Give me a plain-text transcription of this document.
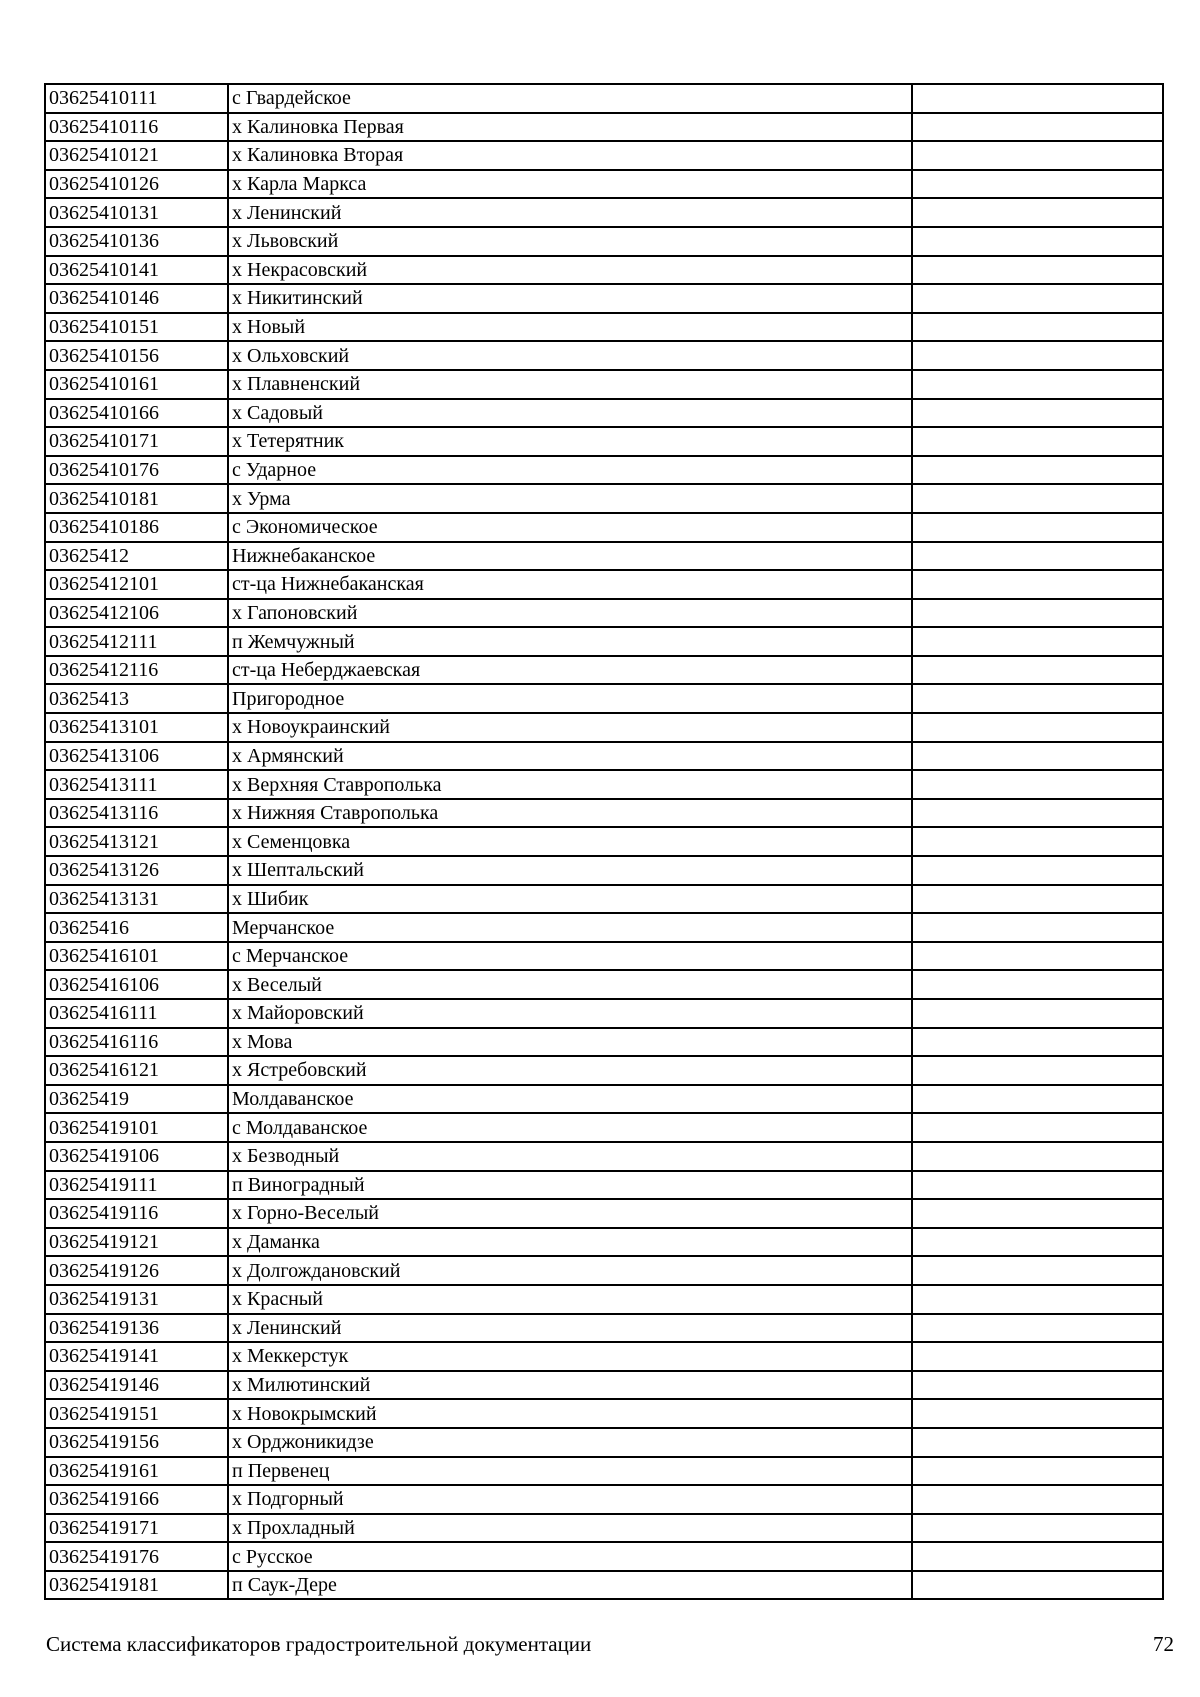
03625410111	с Гвардейское	
03625410116	х Калиновка Первая	
03625410121	х Калиновка Вторая	
03625410126	х Карла Маркса	
03625410131	х Ленинский	
03625410136	х Львовский	
03625410141	х Некрасовский	
03625410146	х Никитинский	
03625410151	х Новый	
03625410156	х Ольховский	
03625410161	х Плавненский	
03625410166	х Садовый	
03625410171	х Тетерятник	
03625410176	с Ударное	
03625410181	х Урма	
03625410186	с Экономическое	
03625412	Нижнебаканское	
03625412101	ст-ца Нижнебаканская	
03625412106	х Гапоновский	
03625412111	п Жемчужный	
03625412116	ст-ца Неберджаевская	
03625413	Пригородное	
03625413101	х Новоукраинский	
03625413106	х Армянский	
03625413111	х Верхняя Ставрополька	
03625413116	х Нижняя Ставрополька	
03625413121	х Семенцовка	
03625413126	х Шептальский	
03625413131	х Шибик	
03625416	Мерчанское	
03625416101	с Мерчанское	
03625416106	х Веселый	
03625416111	х Майоровский	
03625416116	х Мова	
03625416121	х Ястребовский	
03625419	Молдаванское	
03625419101	с Молдаванское	
03625419106	х Безводный	
03625419111	п Виноградный	
03625419116	х Горно-Веселый	
03625419121	х Даманка	
03625419126	х Долгождановский	
03625419131	х Красный	
03625419136	х Ленинский	
03625419141	х Меккерстук	
03625419146	х Милютинский	
03625419151	х Новокрымский	
03625419156	х Орджоникидзе	
03625419161	п Первенец	
03625419166	х Подгорный	
03625419171	х Прохладный	
03625419176	с Русское	
03625419181	п Саук-Дере	
Система классификаторов градостроительной документации	72
